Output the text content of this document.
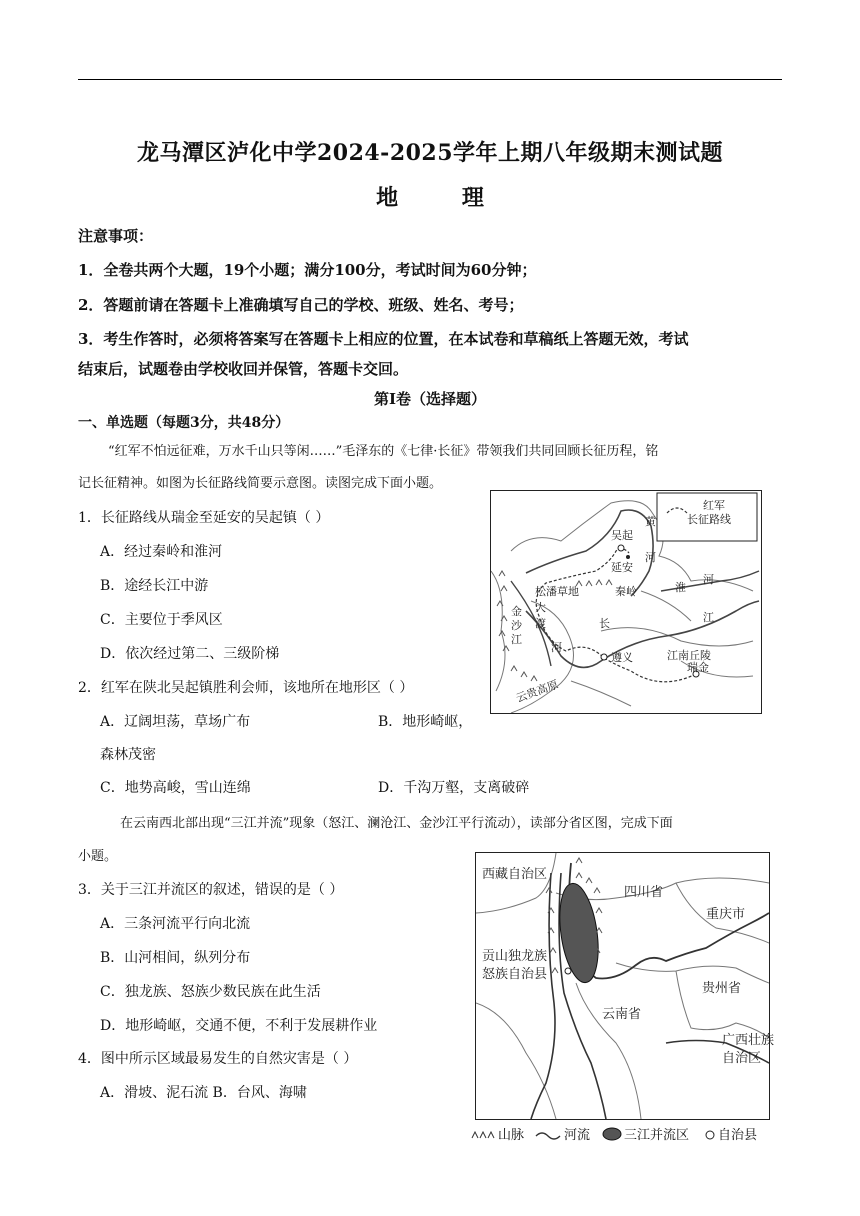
龙马潭区泸化中学2024-2025学年上期八年级期末测试题
地 理
注意事项：
1．全卷共两个大题，19个小题；满分100分，考试时间为60分钟；
2．答题前请在答题卡上准确填写自己的学校、班级、姓名、考号；
3．考生作答时，必须将答案写在答题卡上相应的位置，在本试卷和草稿纸上答题无效，考试
结束后，试题卷由学校收回并保管，答题卡交回。
第Ⅰ卷（选择题）
一、单选题（每题3分，共48分）
“红军不怕远征难，万水千山只等闲……”毛泽东的《七律·长征》带领我们共同回顾长征历程，铭
记长征精神。如图为长征路线简要示意图。读图完成下面小题。
1．长征路线从瑞金至延安的吴起镇（ ）
A．经过秦岭和淮河
B．途经长江中游
C．主要位于季风区
D．依次经过第二、三级阶梯
2．红军在陕北吴起镇胜利会师，该地所在地形区（ ）
A．辽阔坦荡，草场广布	B．地形崎岖，
森林茂密
C．地势高峻，雪山连绵	D．千沟万壑，支离破碎
在云南西北部出现“三江并流”现象（怒江、澜沧江、金沙江平行流动），读部分省区图，完成下面
小题。
3．关于三江并流区的叙述，错误的是（ ）
A．三条河流平行向北流
B．山河相间，纵列分布
C．独龙族、怒族少数民族在此生活
D．地形崎岖，交通不便，不利于发展耕作业
4．图中所示区域最易发生的自然灾害是（ ）
A．滑坡、泥石流 B．台风、海啸
红军
长征路线
吴起
延安
黄
河
松潘草地	秦岭	淮
河
大
渡
河
金
沙
江
长	江
遵义	江南丘陵
瑞金
云贵高原
西藏自治区
四川省
重庆市
贡山独龙族
怒族自治县
贵州省
云南省
广西壮族
自治区
山脉	河流	三江并流区 自治县
